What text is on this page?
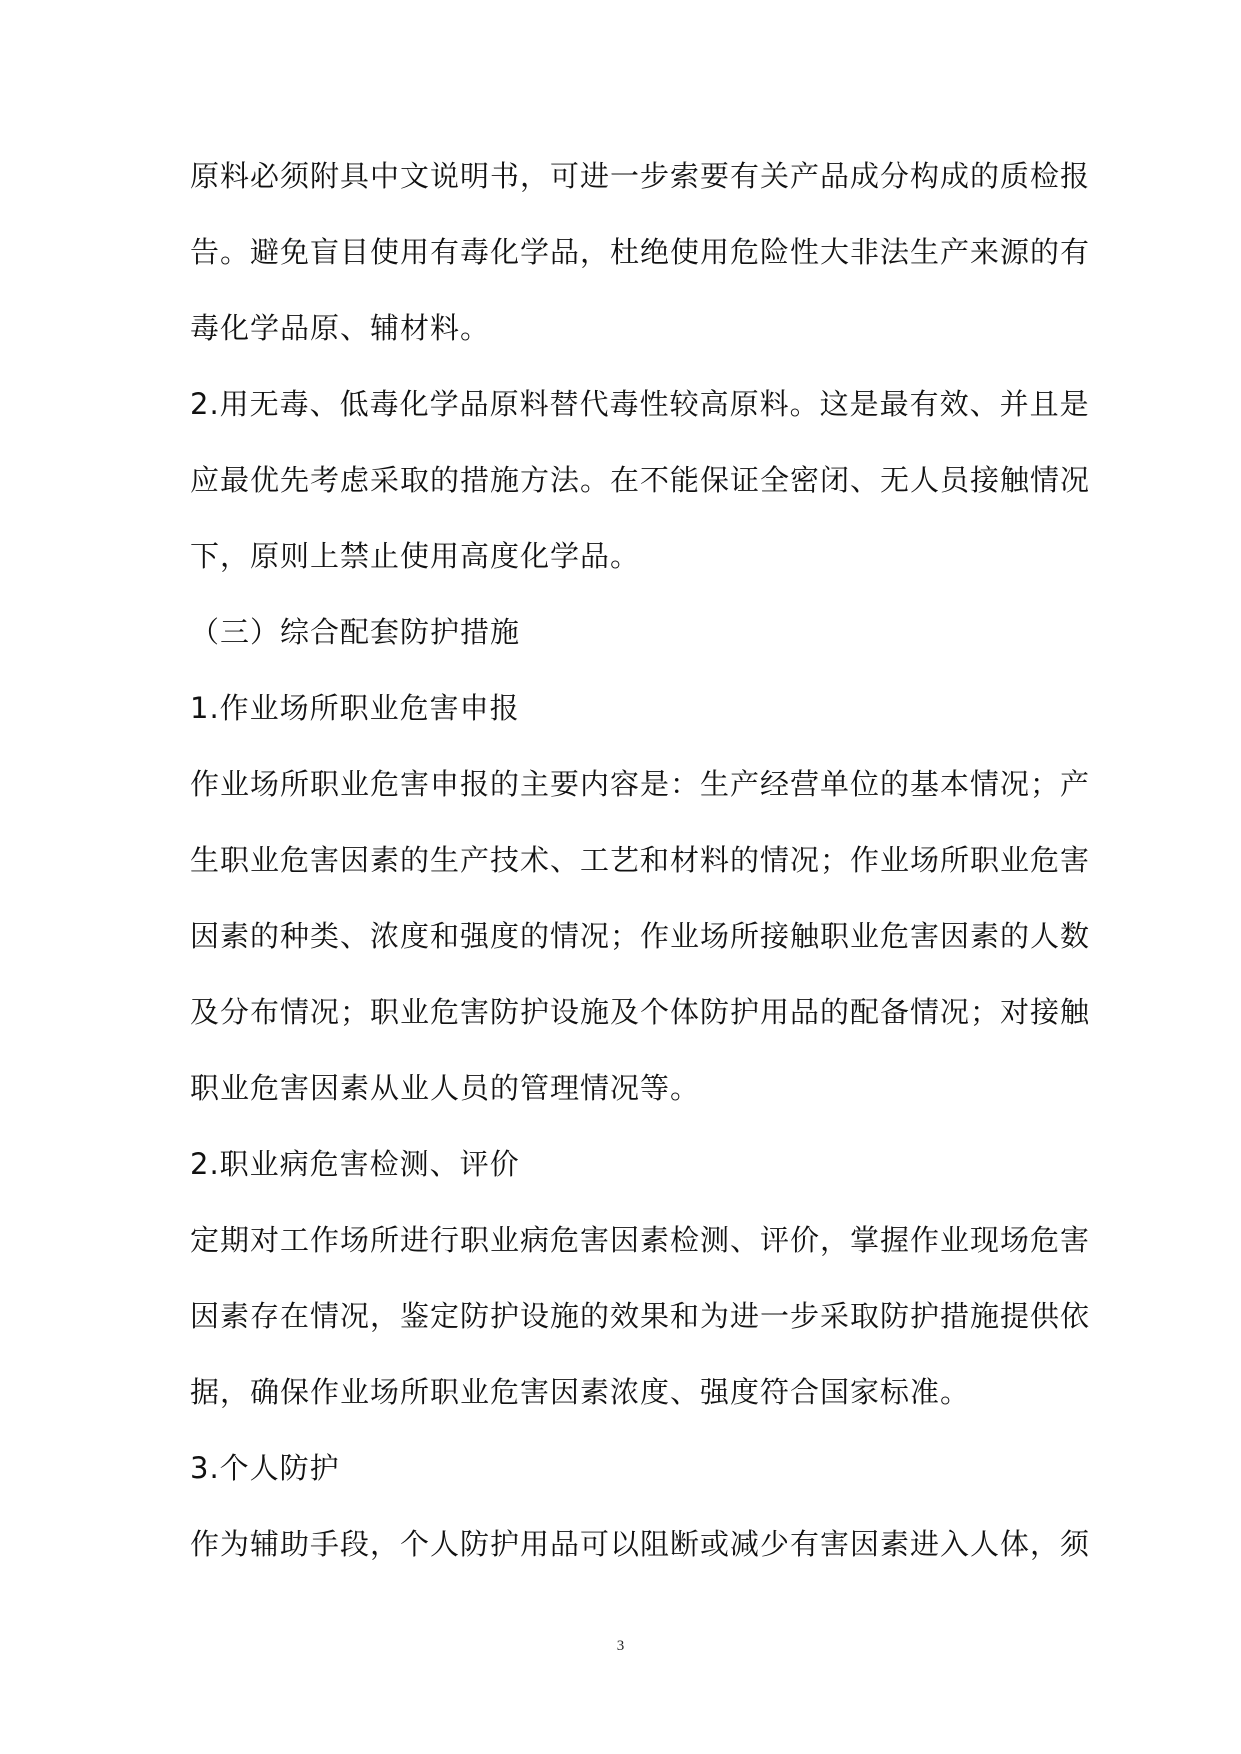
原料必须附具中文说明书，可进一步索要有关产品成分构成的质检报
告。避免盲目使用有毒化学品，杜绝使用危险性大非法生产来源的有
毒化学品原、辅材料。
2.用无毒、低毒化学品原料替代毒性较高原料。这是最有效、并且是
应最优先考虑采取的措施方法。在不能保证全密闭、无人员接触情况
下，原则上禁止使用高度化学品。
（三）综合配套防护措施
1.作业场所职业危害申报
作业场所职业危害申报的主要内容是：生产经营单位的基本情况；产
生职业危害因素的生产技术、工艺和材料的情况；作业场所职业危害
因素的种类、浓度和强度的情况；作业场所接触职业危害因素的人数
及分布情况；职业危害防护设施及个体防护用品的配备情况；对接触
职业危害因素从业人员的管理情况等。
2.职业病危害检测、评价
定期对工作场所进行职业病危害因素检测、评价，掌握作业现场危害
因素存在情况，鉴定防护设施的效果和为进一步采取防护措施提供依
据，确保作业场所职业危害因素浓度、强度符合国家标准。
3.个人防护
作为辅助手段，个人防护用品可以阻断或减少有害因素进入人体，须
3
